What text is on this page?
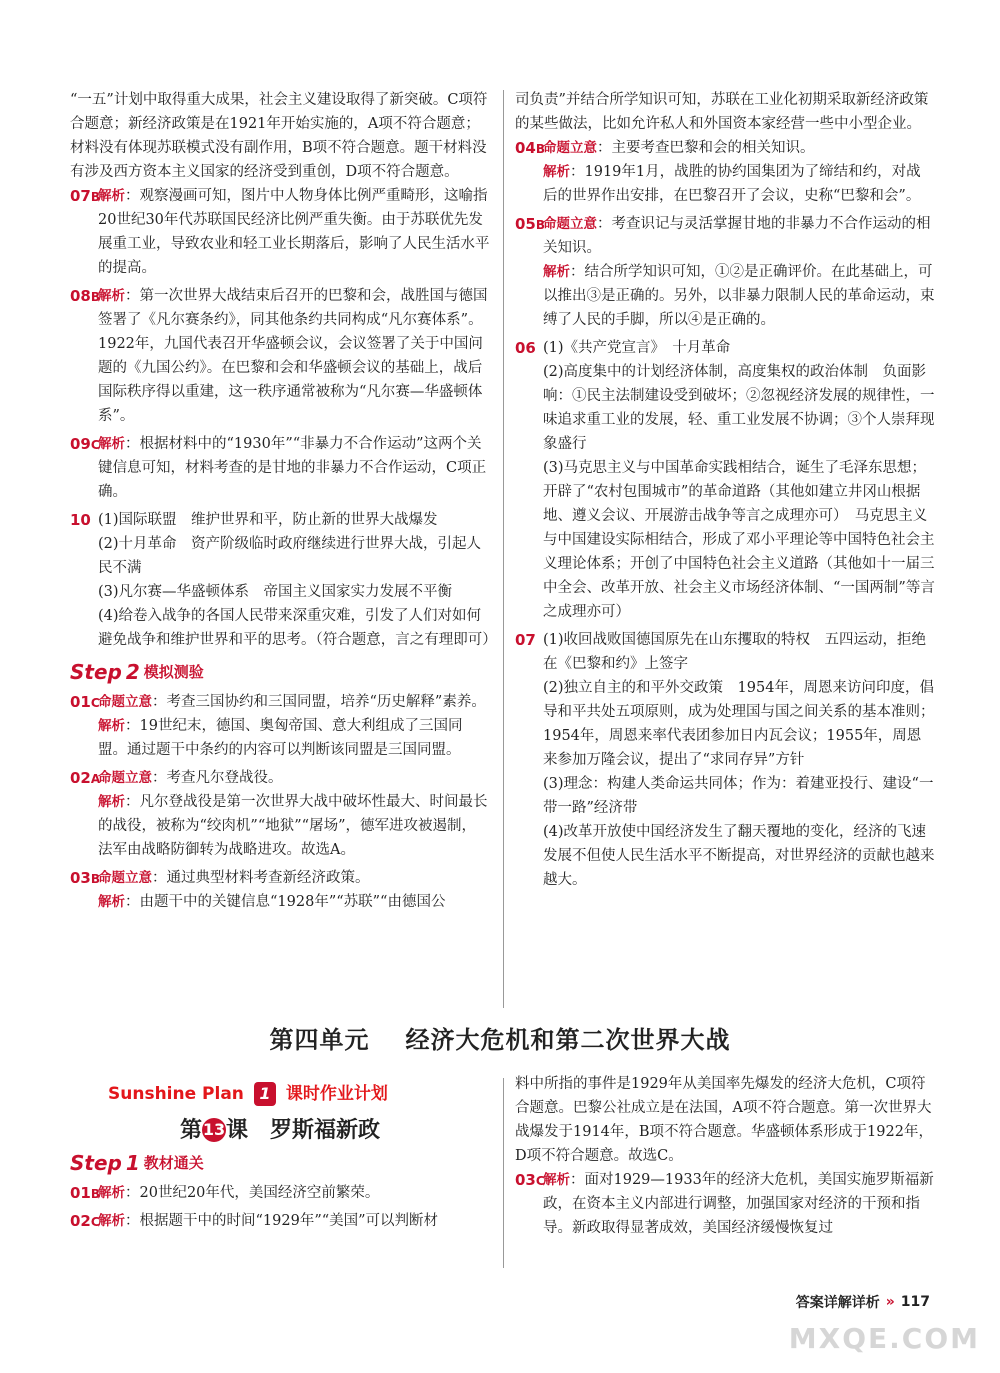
“一五”计划中取得重大成果，社会主义建设取得了新突破。C项符合题意；新经济政策是在1921年开始实施的，A项不符合题意；材料没有体现苏联模式没有副作用，B项不符合题意。题干材料没有涉及西方资本主义国家的经济受到重创，D项不符合题意。
07B
解析：观察漫画可知，图片中人物身体比例严重畸形，这喻指20世纪30年代苏联国民经济比例严重失衡。由于苏联优先发展重工业，导致农业和轻工业长期落后，影响了人民生活水平的提高。
08B
解析：第一次世界大战结束后召开的巴黎和会，战胜国与德国签署了《凡尔赛条约》，同其他条约共同构成“凡尔赛体系”。1922年，九国代表召开华盛顿会议，会议签署了关于中国问题的《九国公约》。在巴黎和会和华盛顿会议的基础上，战后国际秩序得以重建，这一秩序通常被称为“凡尔赛—华盛顿体系”。
09C
解析：根据材料中的“1930年”“非暴力不合作运动”这两个关键信息可知，材料考查的是甘地的非暴力不合作运动，C项正确。
10 (1)国际联盟　维护世界和平，防止新的世界大战爆发
(2)十月革命　资产阶级临时政府继续进行世界大战，引起人民不满
(3)凡尔赛—华盛顿体系　帝国主义国家实力发展不平衡
(4)给卷入战争的各国人民带来深重灾难，引发了人们对如何避免战争和维护世界和平的思考。（符合题意，言之有理即可）
Step 2 模拟测验
01C
命题立意：考查三国协约和三国同盟，培养“历史解释”素养。
解析：19世纪末，德国、奥匈帝国、意大利组成了三国同盟。通过题干中条约的内容可以判断该同盟是三国同盟。
02A
命题立意：考查凡尔登战役。
解析：凡尔登战役是第一次世界大战中破坏性最大、时间最长的战役，被称为“绞肉机”“地狱”“屠场”，德军进攻被遏制，法军由战略防御转为战略进攻。故选A。
03B
命题立意：通过典型材料考查新经济政策。
解析：由题干中的关键信息“1928年”“苏联”“由德国公
司负责”并结合所学知识可知，苏联在工业化初期采取新经济政策的某些做法，比如允许私人和外国资本家经营一些中小型企业。
04B
命题立意：主要考查巴黎和会的相关知识。
解析：1919年1月，战胜的协约国集团为了缔结和约，对战后的世界作出安排，在巴黎召开了会议，史称“巴黎和会”。
05B
命题立意：考查识记与灵活掌握甘地的非暴力不合作运动的相关知识。
解析：结合所学知识可知，①②是正确评价。在此基础上，可以推出③是正确的。另外，以非暴力限制人民的革命运动，束缚了人民的手脚，所以④是正确的。
06 (1)《共产党宣言》　十月革命
(2)高度集中的计划经济体制，高度集权的政治体制　负面影响：①民主法制建设受到破坏；②忽视经济发展的规律性，一味追求重工业的发展，轻、重工业发展不协调；③个人崇拜现象盛行
(3)马克思主义与中国革命实践相结合，诞生了毛泽东思想；开辟了“农村包围城市”的革命道路（其他如建立井冈山根据地、遵义会议、开展游击战争等言之成理亦可）　马克思主义与中国建设实际相结合，形成了邓小平理论等中国特色社会主义理论体系；开创了中国特色社会主义道路（其他如十一届三中全会、改革开放、社会主义市场经济体制、“一国两制”等言之成理亦可）
07 (1)收回战败国德国原先在山东攫取的特权　五四运动，拒绝在《巴黎和约》上签字
(2)独立自主的和平外交政策　1954年，周恩来访问印度，倡导和平共处五项原则，成为处理国与国之间关系的基本准则；1954年，周恩来率代表团参加日内瓦会议；1955年，周恩来参加万隆会议，提出了“求同存异”方针
(3)理念：构建人类命运共同体；作为：着建亚投行、建设“一带一路”经济带
(4)改革开放使中国经济发生了翻天覆地的变化，经济的飞速发展不但使人民生活水平不断提高，对世界经济的贡献也越来越大。
第四单元 经济大危机和第二次世界大战
Sunshine Plan 1 课时作业计划
第13课　罗斯福新政
Step 1 教材通关
01B
解析：20世纪20年代，美国经济空前繁荣。
02C
解析：根据题干中的时间“1929年”“美国”可以判断材
料中所指的事件是1929年从美国率先爆发的经济大危机，C项符合题意。巴黎公社成立是在法国，A项不符合题意。第一次世界大战爆发于1914年，B项不符合题意。华盛顿体系形成于1922年，D项不符合题意。故选C。
03C
解析：面对1929—1933年的经济大危机，美国实施罗斯福新政，在资本主义内部进行调整，加强国家对经济的干预和指导。新政取得显著成效，美国经济缓慢恢复过
答案详解详析 » 117
MXQE.COM
